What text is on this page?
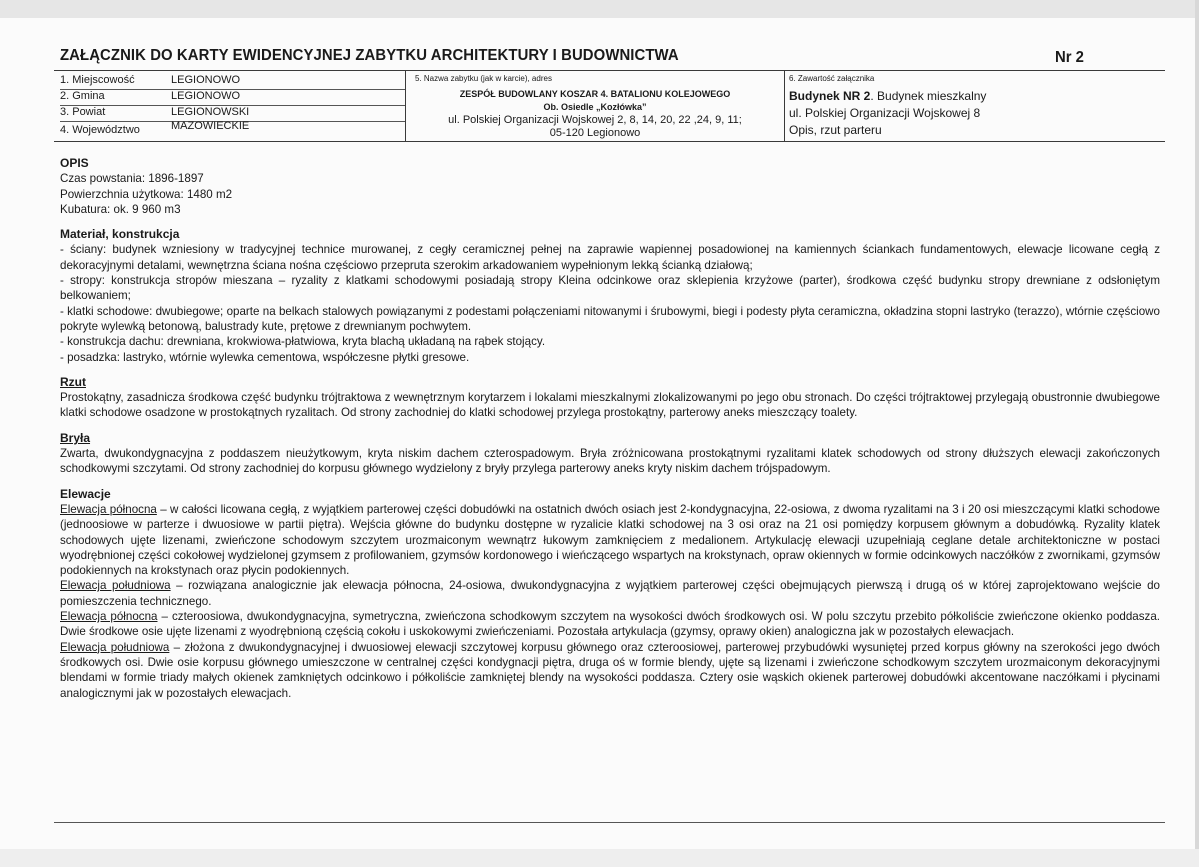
ZAŁĄCZNIK DO KARTY EWIDENCYJNEJ ZABYTKU ARCHITEKTURY I BUDOWNICTWA	Nr 2
1. Miejscowość	LEGIONOWO
2. Gmina	LEGIONOWO
3. Powiat	LEGIONOWSKI
4. Województwo	MAZOWIECKIE
5. Nazwa zabytku (jak w karcie), adres
ZESPÓŁ BUDOWLANY KOSZAR 4. BATALIONU KOLEJOWEGO
Ob. Osiedle „Kozłówka”
ul. Polskiej Organizacji Wojskowej 2, 8, 14, 20, 22 ,24, 9, 11;
05-120 Legionowo
6. Zawartość załącznika
Budynek NR 2. Budynek mieszkalny
ul. Polskiej Organizacji Wojskowej 8
Opis, rzut parteru
OPIS

Czas powstania: 1896-1897

Powierzchnia użytkowa: 1480 m2

Kubatura: ok. 9 960 m3

Materiał, konstrukcja

- ściany: budynek wzniesiony w tradycyjnej technice murowanej, z cegły ceramicznej pełnej na zaprawie wapiennej posadowionej na kamiennych ściankach fundamentowych, elewacje licowane cegłą z dekoracyjnymi detalami, wewnętrzna ściana nośna częściowo przepruta szerokim arkadowaniem wypełnionym lekką ścianką działową;

- stropy: konstrukcja stropów mieszana – ryzality z klatkami schodowymi posiadają stropy Kleina odcinkowe oraz sklepienia krzyżowe (parter), środkowa część budynku stropy drewniane z odsłoniętym belkowaniem;

- klatki schodowe: dwubiegowe; oparte na belkach stalowych powiązanymi z podestami połączeniami nitowanymi i śrubowymi, biegi i podesty płyta ceramiczna, okładzina stopni lastryko (terazzo), wtórnie częściowo pokryte wylewką betonową, balustrady kute, prętowe z drewnianym pochwytem.

- konstrukcja dachu: drewniana, krokwiowa-płatwiowa, kryta blachą układaną na rąbek stojący.

- posadzka: lastryko, wtórnie wylewka cementowa, współczesne płytki gresowe.

Rzut

Prostokątny, zasadnicza środkowa część budynku trójtraktowa z wewnętrznym korytarzem i lokalami mieszkalnymi zlokalizowanymi po jego obu stronach. Do części trójtraktowej przylegają obustronnie dwubiegowe klatki schodowe osadzone w prostokątnych ryzalitach. Od strony zachodniej do klatki schodowej przylega prostokątny, parterowy aneks mieszczący toalety.

Bryła

Zwarta, dwukondygnacyjna z poddaszem nieużytkowym, kryta niskim dachem czterospadowym. Bryła zróżnicowana prostokątnymi ryzalitami klatek schodowych od strony dłuższych elewacji zakończonych schodkowymi szczytami. Od strony zachodniej do korpusu głównego wydzielony z bryły przylega parterowy aneks kryty niskim dachem trójspadowym.

Elewacje

Elewacja północna – w całości licowana cegłą, z wyjątkiem parterowej części dobudówki na ostatnich dwóch osiach jest 2-kondygnacyjna, 22-osiowa, z dwoma ryzalitami na 3 i 20 osi mieszczącymi klatki schodowe (jednoosiowe w parterze i dwuosiowe w partii piętra). Wejścia główne do budynku dostępne w ryzalicie klatki schodowej na 3 osi oraz na 21 osi pomiędzy korpusem głównym a dobudówką. Ryzality klatek schodowych ujęte lizenami, zwieńczone schodowym szczytem urozmaiconym wewnątrz łukowym zamknięciem z medalionem. Artykulację elewacji uzupełniają ceglane detale architektoniczne w postaci wyodrębnionej części cokołowej wydzielonej gzymsem z profilowaniem, gzymsów kordonowego i wieńczącego wspartych na krokstynach, opraw okiennych w formie odcinkowych naczółków z zwornikami, gzymsów podokiennych na krokstynach oraz płycin podokiennych.

Elewacja południowa – rozwiązana analogicznie jak elewacja północna, 24-osiowa, dwukondygnacyjna z wyjątkiem parterowej części obejmujących pierwszą i drugą oś w której zaprojektowano wejście do pomieszczenia technicznego.

Elewacja północna – czteroosiowa, dwukondygnacyjna, symetryczna, zwieńczona schodkowym szczytem na wysokości dwóch środkowych osi. W polu szczytu przebito półkoliście zwieńczone okienko poddasza. Dwie środkowe osie ujęte lizenami z wyodrębnioną częścią cokołu i uskokowymi zwieńczeniami. Pozostała artykulacja (gzymsy, oprawy okien) analogiczna jak w pozostałych elewacjach.

Elewacja południowa – złożona z dwukondygnacyjnej i dwuosiowej elewacji szczytowej korpusu głównego oraz czteroosiowej, parterowej przybudówki wysuniętej przed korpus główny na szerokości jego dwóch środkowych osi. Dwie osie korpusu głównego umieszczone w centralnej części kondygnacji piętra, druga oś w formie blendy, ujęte są lizenami i zwieńczone schodkowym szczytem urozmaiconym dekoracyjnymi blendami w formie triady małych okienek zamkniętych odcinkowo i półkoliście zamkniętej blendy na wysokości poddasza. Cztery osie wąskich okienek parterowej dobudówki akcentowane naczółkami i płycinami analogicznymi jak w pozostałych elewacjach.
